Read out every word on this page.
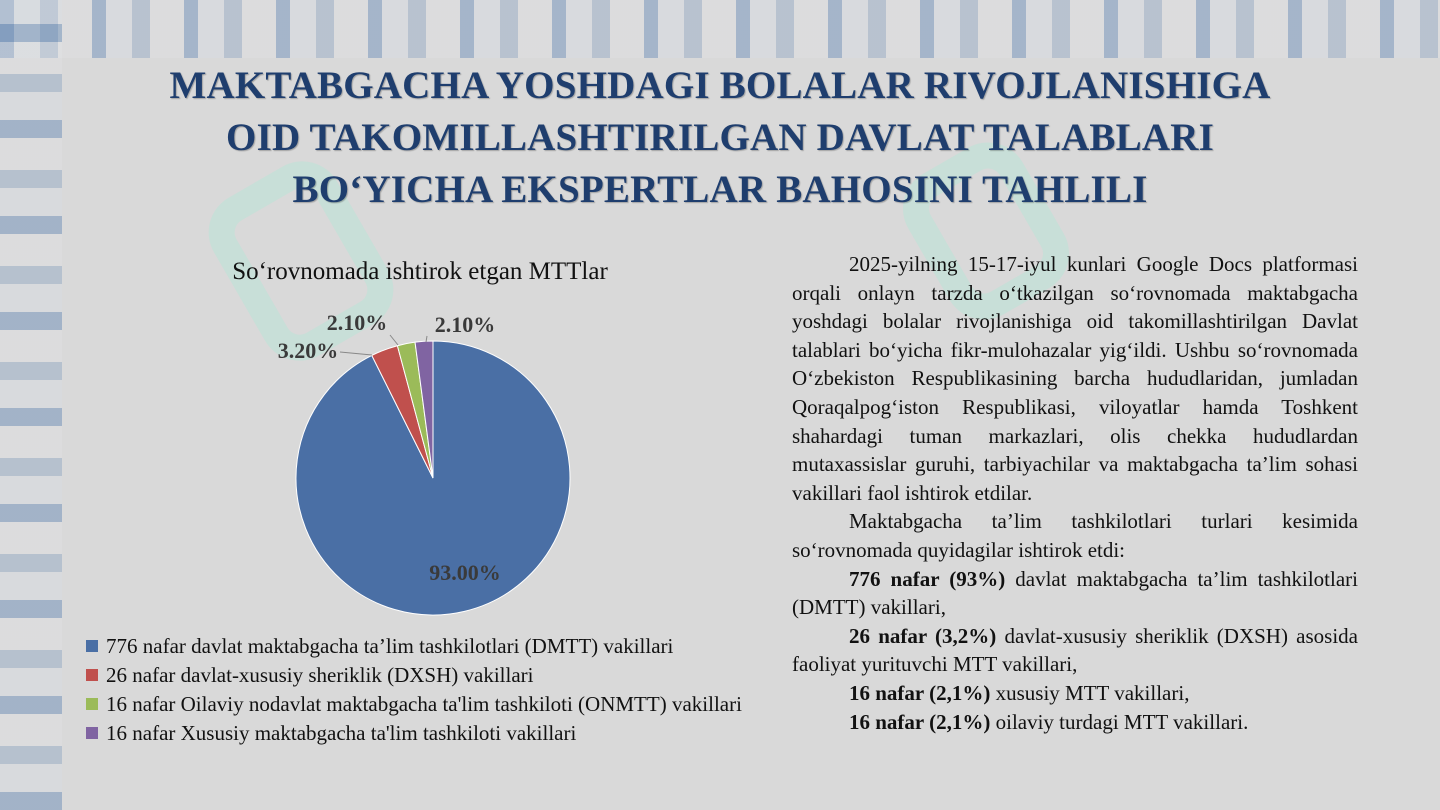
MAKTABGACHA YOSHDAGI BOLALAR RIVOJLANISHIGA
OID TAKOMILLASHTIRILGAN DAVLAT TALABLARI
BO‘YICHA EKSPERTLAR BAHOSINI TAHLILI
So‘rovnomada ishtirok etgan MTTlar
93.00%
3.20%
2.10% 2.10%
776 nafar davlat maktabgacha ta’lim tashkilotlari (DMTT) vakillari
26 nafar davlat-xususiy sheriklik (DXSH) vakillari
16 nafar Oilaviy nodavlat maktabgacha ta'lim tashkiloti (ONMTT) vakillari
16 nafar Xususiy maktabgacha ta'lim tashkiloti vakillari

2025-yilning 15-17-iyul kunlari Google Docs platformasi orqali onlayn tarzda o‘tkazilgan so‘rovnomada maktabgacha yoshdagi bolalar rivojlanishiga oid takomillashtirilgan Davlat talablari bo‘yicha fikr-mulohazalar yig‘ildi. Ushbu so‘rovnomada O‘zbekiston Respublikasining barcha hududlaridan, jumladan Qoraqalpog‘iston Respublikasi, viloyatlar hamda Toshkent shahardagi tuman markazlari, olis chekka hududlardan mutaxassislar guruhi, tarbiyachilar va maktabgacha ta’lim sohasi vakillari faol ishtirok etdilar.

Maktabgacha ta’lim tashkilotlari turlari kesimida so‘rovnomada quyidagilar ishtirok etdi:

776 nafar (93%) davlat maktabgacha ta’lim tashkilotlari (DMTT) vakillari,

26 nafar (3,2%) davlat-xususiy sheriklik (DXSH) asosida faoliyat yurituvchi MTT vakillari,

16 nafar (2,1%) xususiy MTT vakillari,

16 nafar (2,1%) oilaviy turdagi MTT vakillari.
